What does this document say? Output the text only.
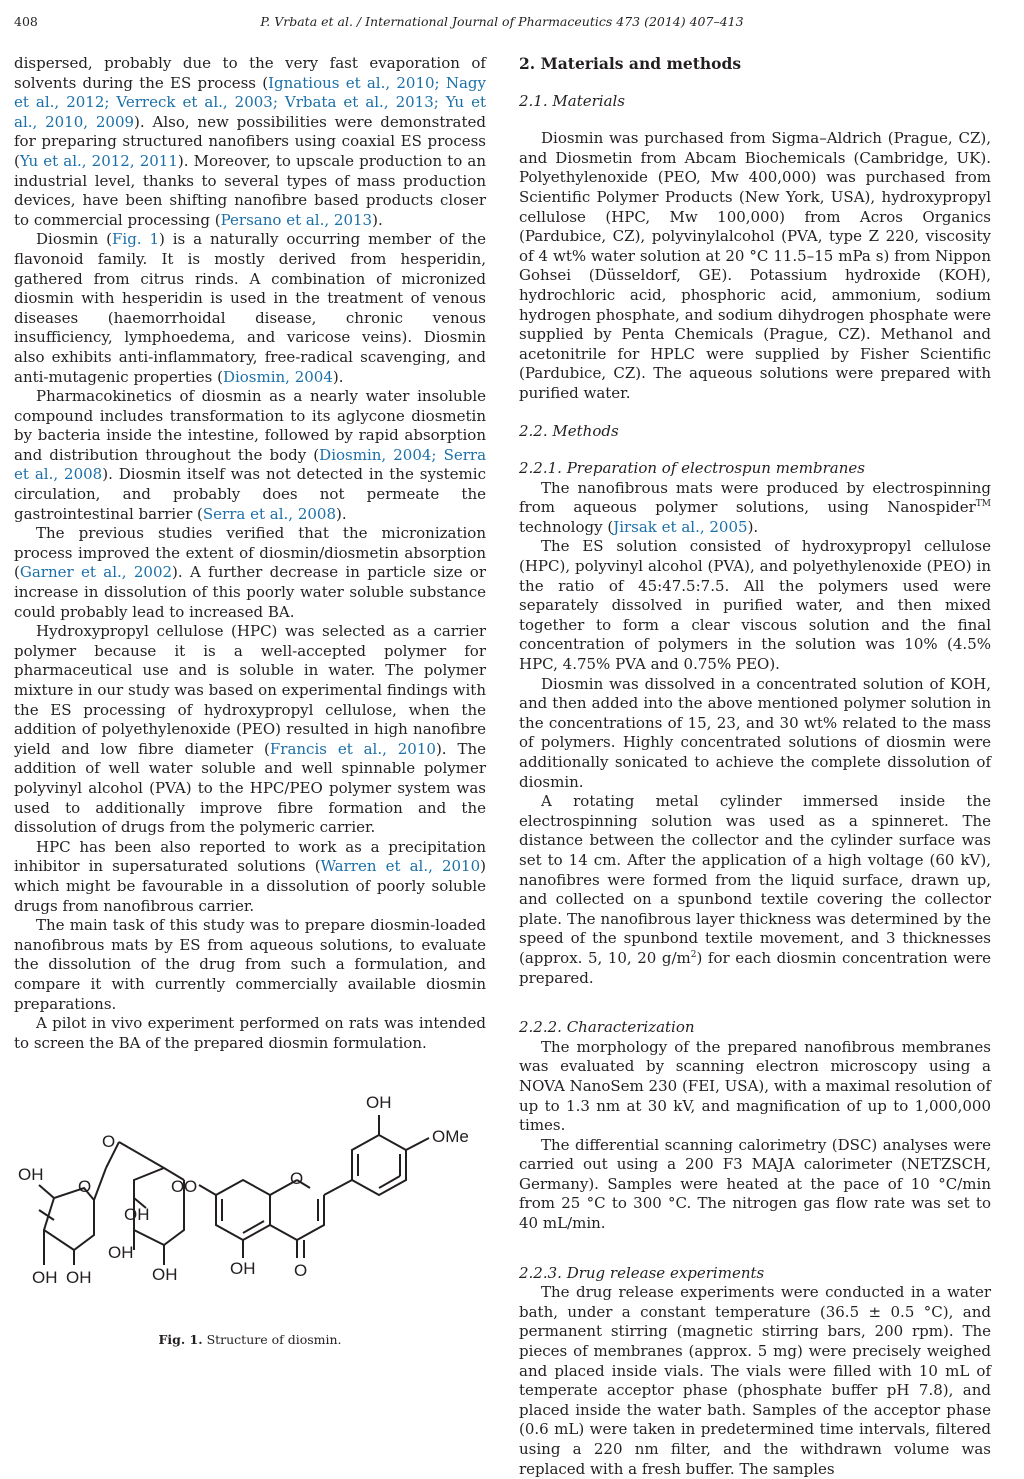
408	P. Vrbata et al. / International Journal of Pharmaceutics 473 (2014) 407–413

dispersed, probably due to the very fast evaporation of solvents during the ES process (Ignatious et al., 2010; Nagy et al., 2012; Verreck et al., 2003; Vrbata et al., 2013; Yu et al., 2010, 2009). Also, new possibilities were demonstrated for preparing structured nanofibers using coaxial ES process (Yu et al., 2012, 2011). Moreover, to upscale production to an industrial level, thanks to several types of mass production devices, have been shifting nanofibre based products closer to commercial processing (Persano et al., 2013).

Diosmin (Fig. 1) is a naturally occurring member of the flavonoid family. It is mostly derived from hesperidin, gathered from citrus rinds. A combination of micronized diosmin with hesperidin is used in the treatment of venous diseases (haemorrhoidal disease, chronic venous insufficiency, lymphoedema, and varicose veins). Diosmin also exhibits anti-inflammatory, free-radical scavenging, and anti-mutagenic properties (Diosmin, 2004).

Pharmacokinetics of diosmin as a nearly water insoluble compound includes transformation to its aglycone diosmetin by bacteria inside the intestine, followed by rapid absorption and distribution throughout the body (Diosmin, 2004; Serra et al., 2008). Diosmin itself was not detected in the systemic circulation, and probably does not permeate the gastrointestinal barrier (Serra et al., 2008).

The previous studies verified that the micronization process improved the extent of diosmin/diosmetin absorption (Garner et al., 2002). A further decrease in particle size or increase in dissolution of this poorly water soluble substance could probably lead to increased BA.

Hydroxypropyl cellulose (HPC) was selected as a carrier polymer because it is a well-accepted polymer for pharmaceutical use and is soluble in water. The polymer mixture in our study was based on experimental findings with the ES processing of hydroxypropyl cellulose, when the addition of polyethylenoxide (PEO) resulted in high nanofibre yield and low fibre diameter (Francis et al., 2010). The addition of well water soluble and well spinnable polymer polyvinyl alcohol (PVA) to the HPC/PEO polymer system was used to additionally improve fibre formation and the dissolution of drugs from the polymeric carrier.

HPC has been also reported to work as a precipitation inhibitor in supersaturated solutions (Warren et al., 2010) which might be favourable in a dissolution of poorly soluble drugs from nanofibrous carrier.

The main task of this study was to prepare diosmin-loaded nanofibrous mats by ES from aqueous solutions, to evaluate the dissolution of the drug from such a formulation, and compare it with currently commercially available diosmin preparations.

A pilot in vivo experiment performed on rats was intended to screen the BA of the prepared diosmin formulation.

OH
OMe
O
OH
O	O
O
OH
OH
OH OH	OH
O
OH O
Fig. 1. Structure of diosmin.
2. Materials and methods
2.1. Materials

Diosmin was purchased from Sigma–Aldrich (Prague, CZ), and Diosmetin from Abcam Biochemicals (Cambridge, UK). Polyethylenoxide (PEO, Mw 400,000) was purchased from Scientific Polymer Products (New York, USA), hydroxypropyl cellulose (HPC, Mw 100,000) from Acros Organics (Pardubice, CZ), polyvinylalcohol (PVA, type Z 220, viscosity of 4 wt% water solution at 20 °C 11.5–15 mPa s) from Nippon Gohsei (Düsseldorf, GE). Potassium hydroxide (KOH), hydrochloric acid, phosphoric acid, ammonium, sodium hydrogen phosphate, and sodium dihydrogen phosphate were supplied by Penta Chemicals (Prague, CZ). Methanol and acetonitrile for HPLC were supplied by Fisher Scientific (Pardubice, CZ). The aqueous solutions were prepared with purified water.

2.2. Methods
2.2.1. Preparation of electrospun membranes

The nanofibrous mats were produced by electrospinning from aqueous polymer solutions, using Nanospider™ technology (Jirsak et al., 2005).

The ES solution consisted of hydroxypropyl cellulose (HPC), polyvinyl alcohol (PVA), and polyethylenoxide (PEO) in the ratio of 45:47.5:7.5. All the polymers used were separately dissolved in purified water, and then mixed together to form a clear viscous solution and the final concentration of polymers in the solution was 10% (4.5% HPC, 4.75% PVA and 0.75% PEO).

Diosmin was dissolved in a concentrated solution of KOH, and then added into the above mentioned polymer solution in the concentrations of 15, 23, and 30 wt% related to the mass of polymers. Highly concentrated solutions of diosmin were additionally sonicated to achieve the complete dissolution of diosmin.

A rotating metal cylinder immersed inside the electrospinning solution was used as a spinneret. The distance between the collector and the cylinder surface was set to 14 cm. After the application of a high voltage (60 kV), nanofibres were formed from the liquid surface, drawn up, and collected on a spunbond textile covering the collector plate. The nanofibrous layer thickness was determined by the speed of the spunbond textile movement, and 3 thicknesses (approx. 5, 10, 20 $g/m^2$) for each diosmin concentration were prepared.

2.2.2. Characterization

The morphology of the prepared nanofibrous membranes was evaluated by scanning electron microscopy using a NOVA NanoSem 230 (FEI, USA), with a maximal resolution of up to 1.3 nm at 30 kV, and magnification of up to 1,000,000 times.

The differential scanning calorimetry (DSC) analyses were carried out using a 200 F3 MAJA calorimeter (NETZSCH, Germany). Samples were heated at the pace of 10 °C/min from 25 °C to 300 °C. The nitrogen gas flow rate was set to 40 mL/min.

2.2.3. Drug release experiments

The drug release experiments were conducted in a water bath, under a constant temperature (36.5 ± 0.5 °C), and permanent stirring (magnetic stirring bars, 200 rpm). The pieces of membranes (approx. 5 mg) were precisely weighed and placed inside vials. The vials were filled with 10 mL of temperate acceptor phase (phosphate buffer pH 7.8), and placed inside the water bath. Samples of the acceptor phase (0.6 mL) were taken in predetermined time intervals, filtered using a 220 nm filter, and the withdrawn volume was replaced with a fresh buffer. The samples
